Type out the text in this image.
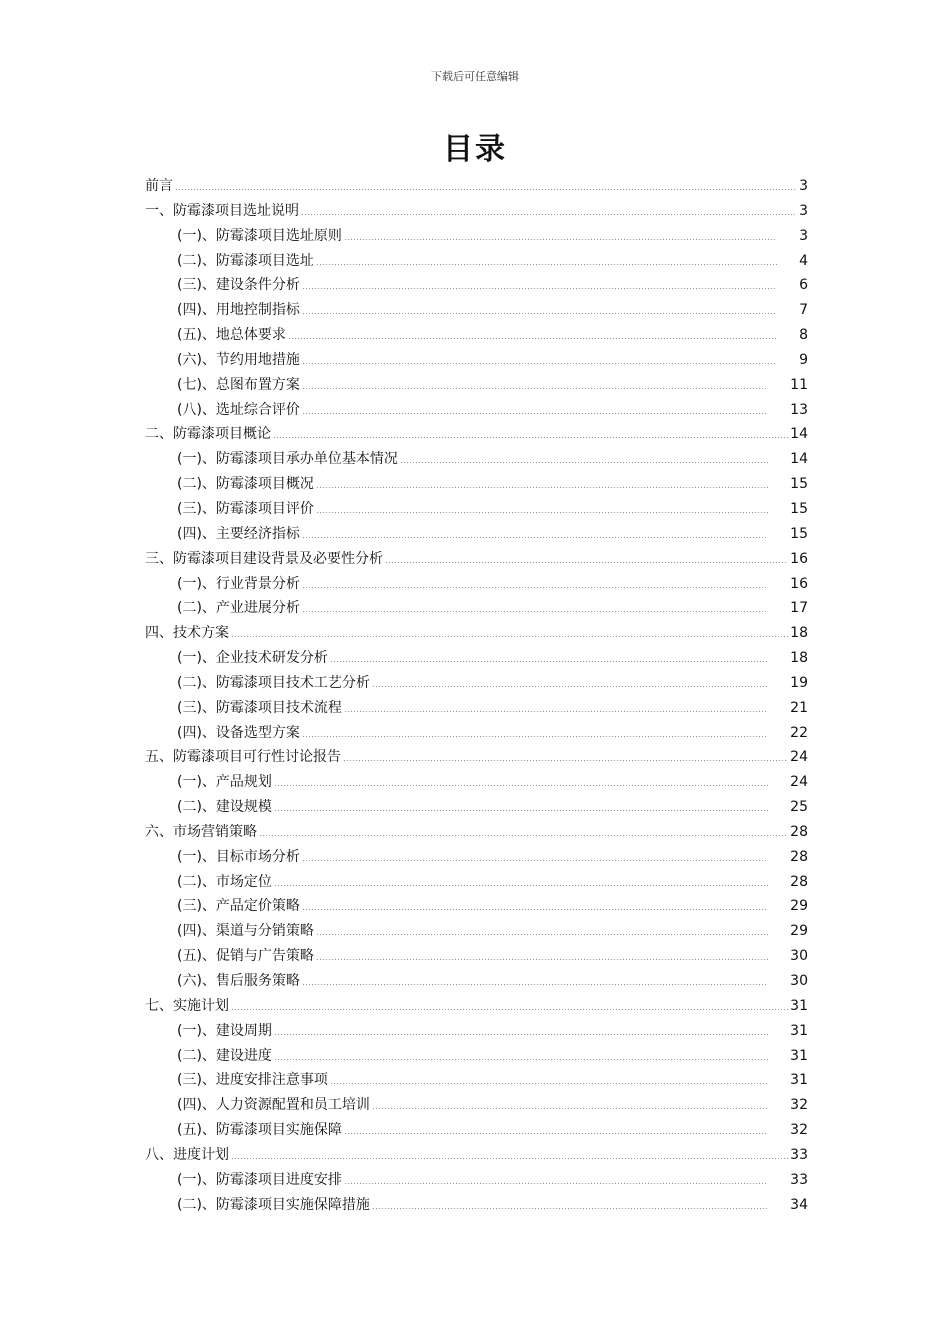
下载后可任意编辑
目录
前言	3
一、防霉漆项目选址说明	3
(一)、防霉漆项目选址原则	3
(二)、防霉漆项目选址	4
(三)、建设条件分析	6
(四)、用地控制指标	7
(五)、地总体要求	8
(六)、节约用地措施	9
(七)、总图布置方案	11
(八)、选址综合评价	13
二、防霉漆项目概论	14
(一)、防霉漆项目承办单位基本情况	14
(二)、防霉漆项目概况	15
(三)、防霉漆项目评价	15
(四)、主要经济指标	15
三、防霉漆项目建设背景及必要性分析	16
(一)、行业背景分析	16
(二)、产业进展分析	17
四、技术方案	18
(一)、企业技术研发分析	18
(二)、防霉漆项目技术工艺分析	19
(三)、防霉漆项目技术流程	21
(四)、设备选型方案	22
五、防霉漆项目可行性讨论报告	24
(一)、产品规划	24
(二)、建设规模	25
六、市场营销策略	28
(一)、目标市场分析	28
(二)、市场定位	28
(三)、产品定价策略	29
(四)、渠道与分销策略	29
(五)、促销与广告策略	30
(六)、售后服务策略	30
七、实施计划	31
(一)、建设周期	31
(二)、建设进度	31
(三)、进度安排注意事项	31
(四)、人力资源配置和员工培训	32
(五)、防霉漆项目实施保障	32
八、进度计划	33
(一)、防霉漆项目进度安排	33
(二)、防霉漆项目实施保障措施	34
